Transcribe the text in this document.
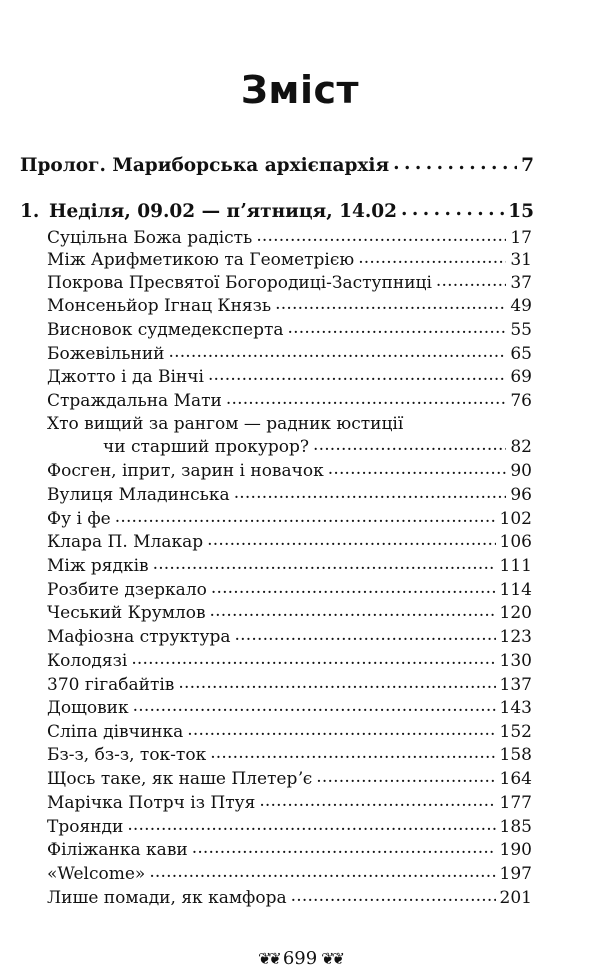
Зміст
Пролог. Мариборська архієпархія . . .	7
1. Неділя, 09.02 — пʼятниця, 14.02 . . .	15
Суцільна Божа радість . . .	17
Між Арифметикою та Геометрією . . .	31
Покрова Пресвятої Богородиці-Заступниці . . .	37
Монсеньйор Ігнац Князь . . .	49
Висновок судмедексперта . . .	55
Божевільний . . .	65
Джотто і да Вінчі . . .	69
Страждальна Мати . . .	76
Хто вищий за рангом — радник юстиції
чи старший прокурор? . . .	82
Фосген, іприт, зарин і новачок . . .	90
Вулиця Младинська . . .	96
Фу і фе . . .	102
Клара П. Млакар . . .	106
Між рядків . . .	111
Розбите дзеркало . . .	114
Чеський Крумлов . . .	120
Мафіозна структура . . .	123
Колодязі . . .	130
370 гігабайтів . . .	137
Дощовик . . .	143
Сліпа дівчинка . . .	152
Бз-з, бз-з, ток-ток . . .	158
Щось таке, як наше Плетерʼє . . .	164
Марічка Потрч із Птуя . . .	177
Троянди . . .	185
Філіжанка кави . . .	190
«Welcome» . . .	197
Лише помади, як камфора . . .	201
❦❦ 699 ❦❦
